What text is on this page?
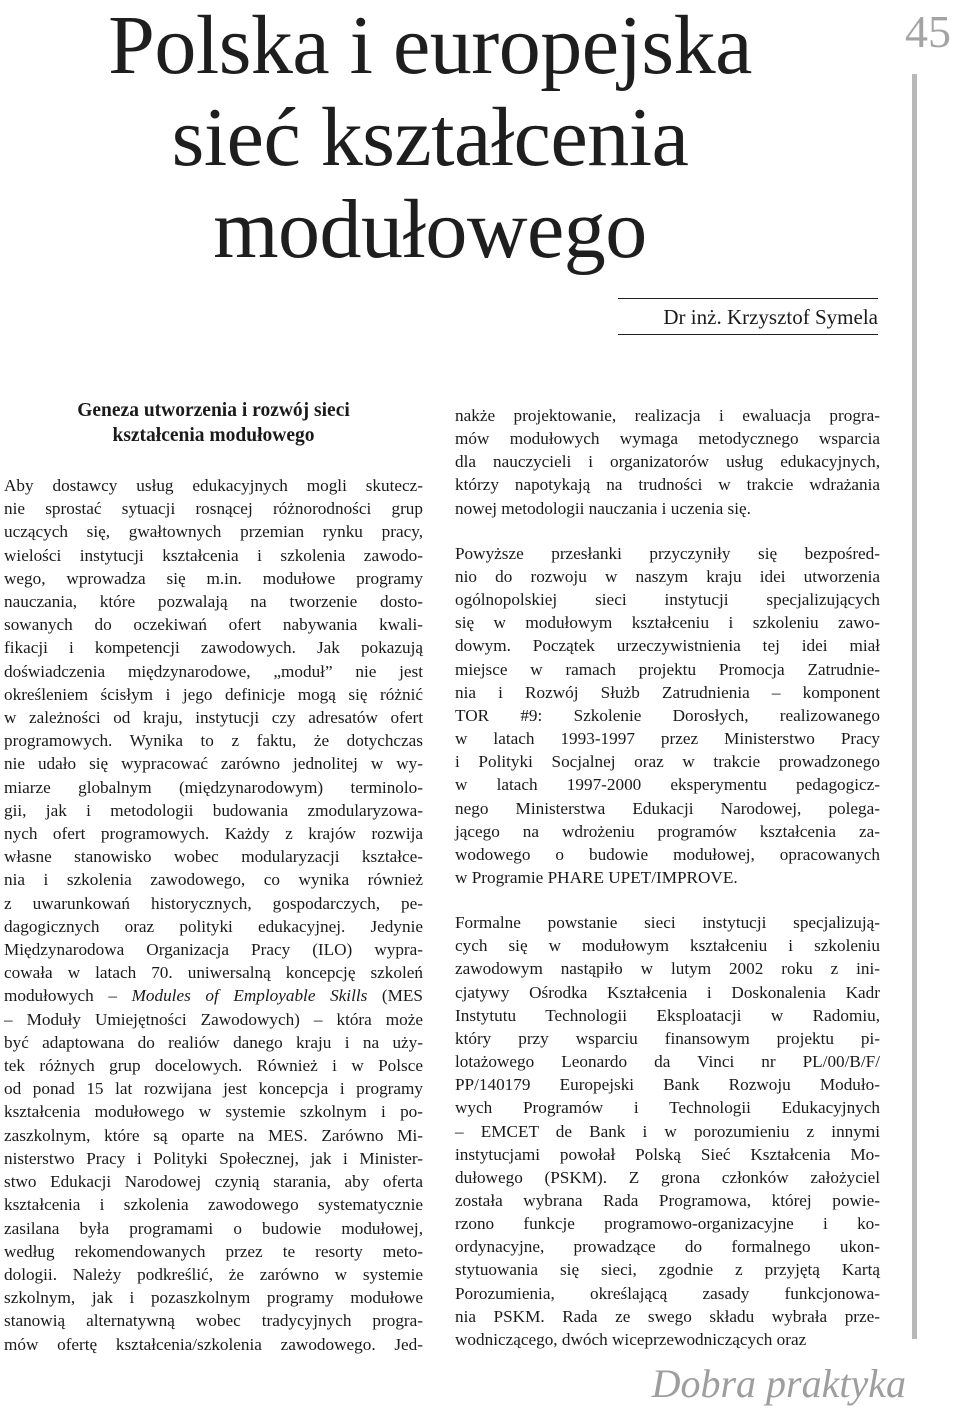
Polska i europejska
sieć kształcenia
modułowego
45
Dr inż. Krzysztof Symela
Geneza utworzenia i rozwój sieci
kształcenia modułowego
Aby dostawcy usług edukacyjnych mogli skutecz-
nie sprostać sytuacji rosnącej różnorodności grup
uczących się, gwałtownych przemian rynku pracy,
wielości instytucji kształcenia i szkolenia zawodo-
wego, wprowadza się m.in. modułowe programy
nauczania, które pozwalają na tworzenie dosto-
sowanych do oczekiwań ofert nabywania kwali-
fikacji i kompetencji zawodowych. Jak pokazują
doświadczenia międzynarodowe, „moduł” nie jest
określeniem ścisłym i jego definicje mogą się różnić
w zależności od kraju, instytucji czy adresatów ofert
programowych. Wynika to z faktu, że dotychczas
nie udało się wypracować zarówno jednolitej w wy-
miarze globalnym (międzynarodowym) terminolo-
gii, jak i metodologii budowania zmodularyzowa-
nych ofert programowych. Każdy z krajów rozwija
własne stanowisko wobec modularyzacji kształce-
nia i szkolenia zawodowego, co wynika również
z uwarunkowań historycznych, gospodarczych, pe-
dagogicznych oraz polityki edukacyjnej. Jedynie
Międzynarodowa Organizacja Pracy (ILO) wypra-
cowała w latach 70. uniwersalną koncepcję szkoleń
modułowych – Modules of Employable Skills (MES
– Moduły Umiejętności Zawodowych) – która może
być adaptowana do realiów danego kraju i na uży-
tek różnych grup docelowych. Również i w Polsce
od ponad 15 lat rozwijana jest koncepcja i programy
kształcenia modułowego w systemie szkolnym i po-
zaszkolnym, które są oparte na MES. Zarówno Mi-
nisterstwo Pracy i Polityki Społecznej, jak i Minister-
stwo Edukacji Narodowej czynią starania, aby oferta
kształcenia i szkolenia zawodowego systematycznie
zasilana była programami o budowie modułowej,
według rekomendowanych przez te resorty meto-
dologii. Należy podkreślić, że zarówno w systemie
szkolnym, jak i pozaszkolnym programy modułowe
stanowią alternatywną wobec tradycyjnych progra-
mów ofertę kształcenia/szkolenia zawodowego. Jed-
nakże projektowanie, realizacja i ewaluacja progra-
mów modułowych wymaga metodycznego wsparcia
dla nauczycieli i organizatorów usług edukacyjnych,
którzy napotykają na trudności w trakcie wdrażania
nowej metodologii nauczania i uczenia się.
Powyższe przesłanki przyczyniły się bezpośred-
nio do rozwoju w naszym kraju idei utworzenia
ogólnopolskiej sieci instytucji specjalizujących
się w modułowym kształceniu i szkoleniu zawo-
dowym. Początek urzeczywistnienia tej idei miał
miejsce w ramach projektu Promocja Zatrudnie-
nia i Rozwój Służb Zatrudnienia – komponent
TOR #9: Szkolenie Dorosłych, realizowanego
w latach 1993-1997 przez Ministerstwo Pracy
i Polityki Socjalnej oraz w trakcie prowadzonego
w latach 1997-2000 eksperymentu pedagogicz-
nego Ministerstwa Edukacji Narodowej, polega-
jącego na wdrożeniu programów kształcenia za-
wodowego o budowie modułowej, opracowanych
w Programie PHARE UPET/IMPROVE.
Formalne powstanie sieci instytucji specjalizują-
cych się w modułowym kształceniu i szkoleniu
zawodowym nastąpiło w lutym 2002 roku z ini-
cjatywy Ośrodka Kształcenia i Doskonalenia Kadr
Instytutu Technologii Eksploatacji w Radomiu,
który przy wsparciu finansowym projektu pi-
lotażowego Leonardo da Vinci nr PL/00/B/F/
PP/140179 Europejski Bank Rozwoju Moduło-
wych Programów i Technologii Edukacyjnych
– EMCET de Bank i w porozumieniu z innymi
instytucjami powołał Polską Sieć Kształcenia Mo-
dułowego (PSKM). Z grona członków założyciel
została wybrana Rada Programowa, której powie-
rzono funkcje programowo-organizacyjne i ko-
ordynacyjne, prowadzące do formalnego ukon-
stytuowania się sieci, zgodnie z przyjętą Kartą
Porozumienia, określającą zasady funkcjonowa-
nia PSKM. Rada ze swego składu wybrała prze-
wodniczącego, dwóch wiceprzewodniczących oraz
Dobra praktyka
